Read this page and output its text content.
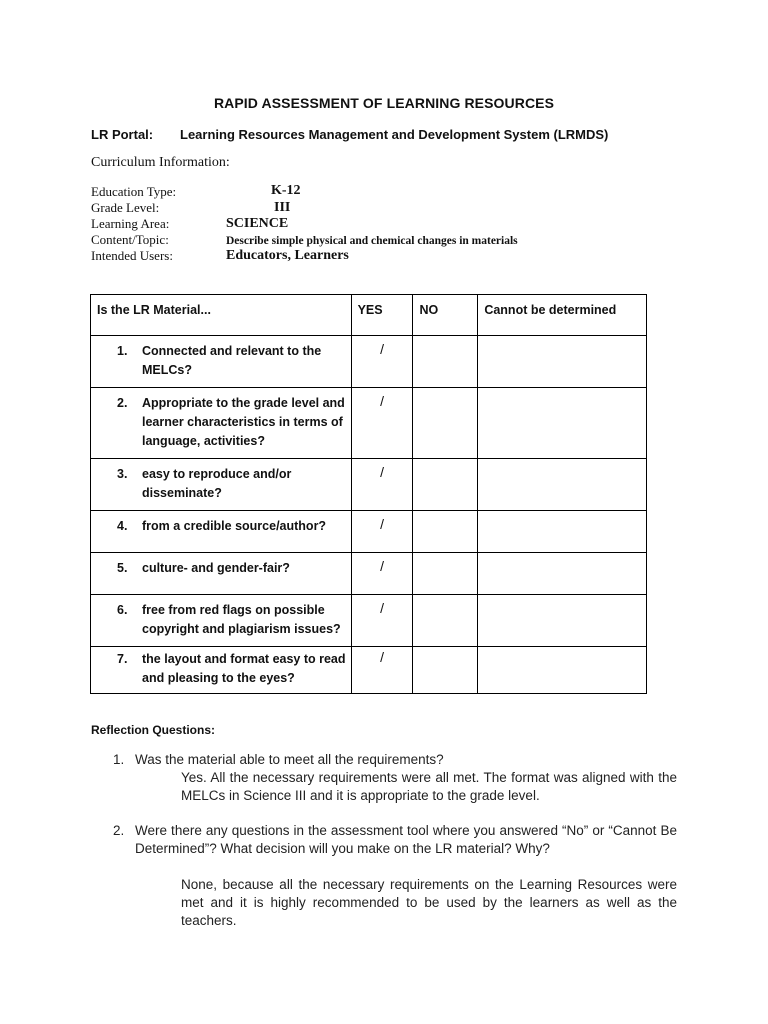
RAPID ASSESSMENT OF LEARNING RESOURCES
LR Portal: Learning Resources Management and Development System (LRMDS)
Curriculum Information:
Education Type:	K-12
Grade Level:	III
Learning Area:	SCIENCE
Content/Topic:	Describe simple physical and chemical changes in materials
Intended Users:	Educators, Learners
Is the LR Material...	YES	NO	Cannot be determined

1. Connected and relevant to the MELCs?	/		

2. Appropriate to the grade level and learner characteristics in terms of language, activities?	/		

3. easy to reproduce and/or disseminate?	/		

4. from a credible source/author?	/		

5. culture- and gender-fair?	/		

6. free from red flags on possible copyright and plagiarism issues?	/		

7. the layout and format easy to read and pleasing to the eyes?	/		
Reflection Questions:
1. Was the material able to meet all the requirements?
Yes. All the necessary requirements were all met. The format was aligned with the MELCs in Science III and it is appropriate to the grade level.
2. Were there any questions in the assessment tool where you answered “No” or “Cannot Be Determined”? What decision will you make on the LR material? Why?
None, because all the necessary requirements on the Learning Resources were met and it is highly recommended to be used by the learners as well as the teachers.
